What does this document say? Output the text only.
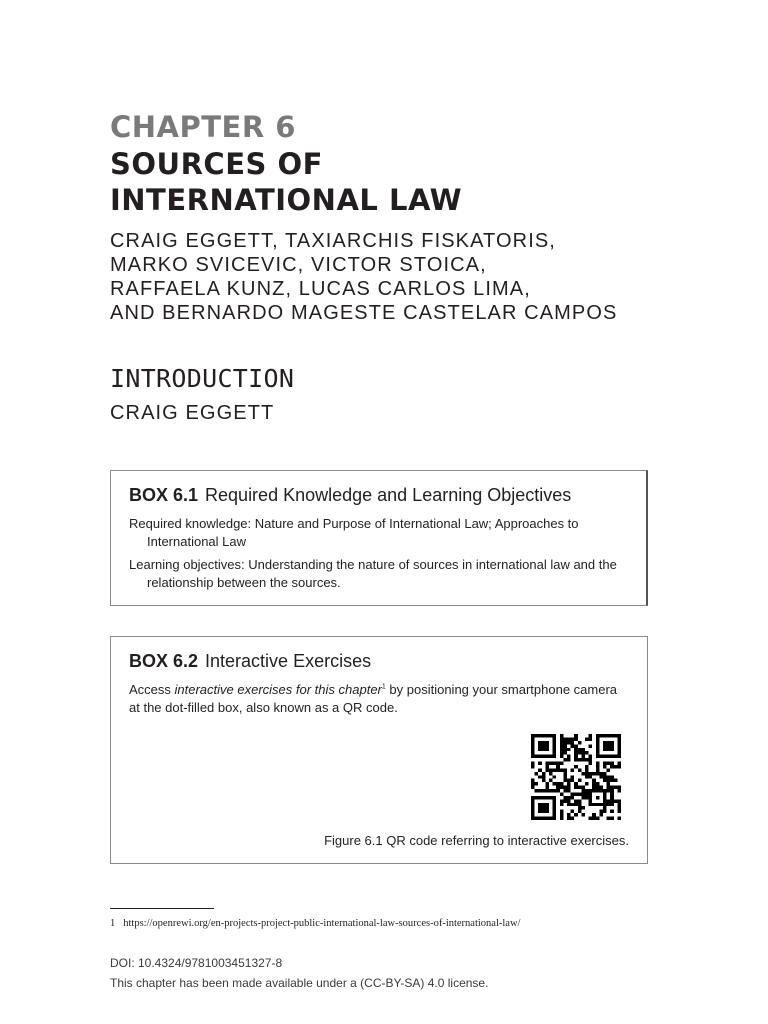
CHAPTER 6
SOURCES OF
INTERNATIONAL LAW
CRAIG EGGETT, TAXIARCHIS FISKATORIS,
MARKO SVICEVIC, VICTOR STOICA,
RAFFAELA KUNZ, LUCAS CARLOS LIMA,
AND BERNARDO MAGESTE CASTELAR CAMPOS
INTRODUCTION
CRAIG EGGETT
BOX 6.1 Required Knowledge and Learning Objectives
Required knowledge: Nature and Purpose of International Law; Approaches to International Law
Learning objectives: Understanding the nature of sources in international law and the relationship between the sources.
BOX 6.2 Interactive Exercises
Access interactive exercises for this chapter$^1$ by positioning your smartphone camera at the dot-filled box, also known as a QR code.
Figure 6.1 QR code referring to interactive exercises.
1 https://openrewi.org/en-projects-project-public-international-law-sources-of-international-law/
DOI: 10.4324/9781003451327-8
This chapter has been made available under a (CC-BY-SA) 4.0 license.
